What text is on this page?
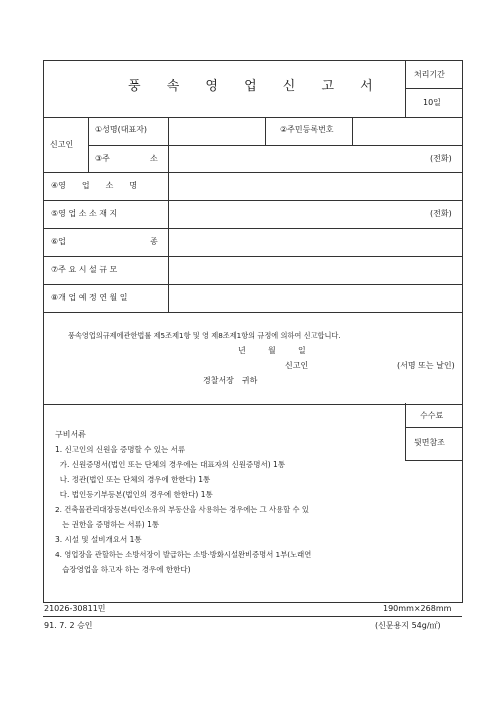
풍 속 영 업 신 고 서
처리기간
10일
신고인
①성명(대표자)	②주민등록번호
③주	소	(전화)
④영　　업　　소　　명
⑤영 업 소 소 재 지	(전화)
⑥업	종
⑦주 요 시 설 규 모
⑧개 업 예 정 연 월 일
풍속영업의규제에관한법률 제5조제1항 및 영 제8조제1항의 규정에 의하여 신고합니다.
년	월	일
신고인	(서명 또는 날인)
경찰서장　귀하
수수료
뒷면참조
구비서류
1. 신고인의 신원을 증명할 수 있는 서류
가. 신원증명서(법인 또는 단체의 경우에는 대표자의 신원증명서) 1통
나. 정관(법인 또는 단체의 경우에 한한다) 1통
다. 법인등기부등본(법인의 경우에 한한다) 1통
2. 건축물관리대장등본(타인소유의 부동산을 사용하는 경우에는 그 사용할 수 있
는 권한을 증명하는 서류) 1통
3. 시설 및 설비개요서 1통
4. 영업장을 관할하는 소방서장이 발급하는 소방·방화시설완비증명서 1부(노래연
습장영업을 하고자 하는 경우에 한한다)
21026-30811민	190mm×268mm
91. 7. 2 승인	(신문용지 54g/㎡)
